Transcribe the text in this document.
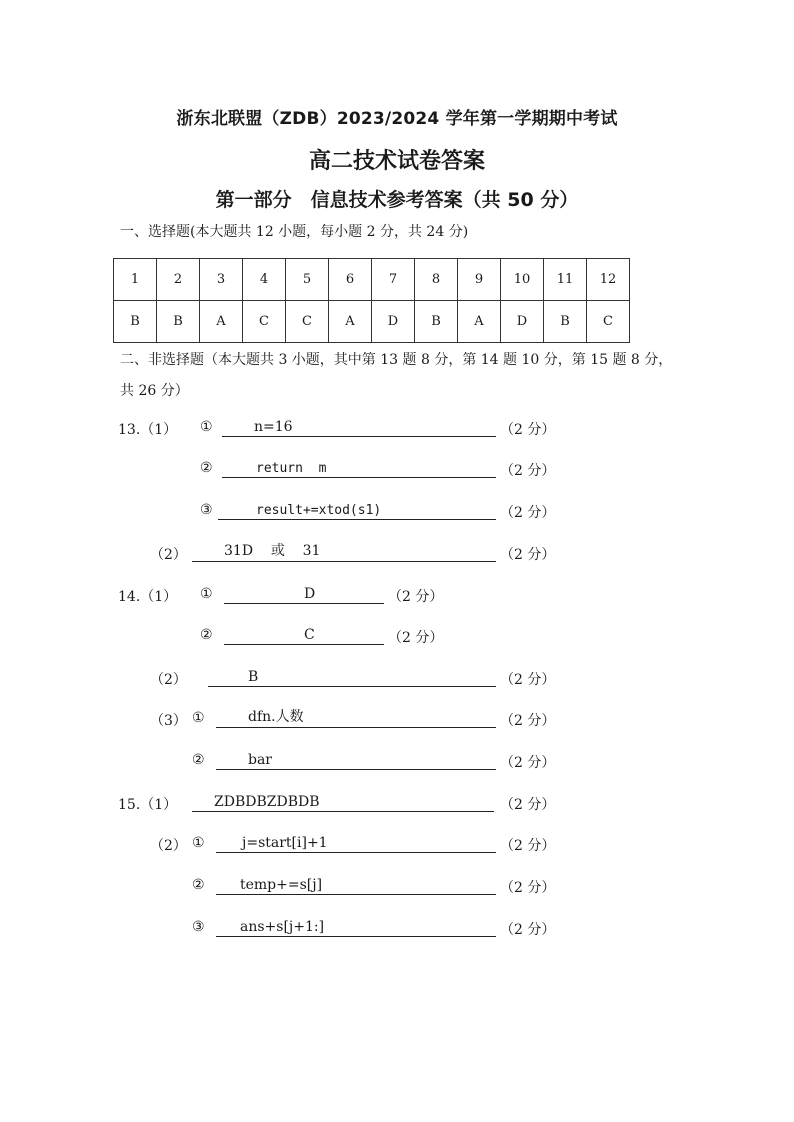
浙东北联盟（ZDB）2023/2024 学年第一学期期中考试
高二技术试卷答案
第一部分　信息技术参考答案（共 50 分）
一、选择题(本大题共 12 小题，每小题 2 分，共 24 分)
1	2	3	4	5	6	7	8	9	10	11	12
B	B	A	C	C	A	D	B	A	D	B	C
二、非选择题（本大题共 3 小题，其中第 13 题 8 分，第 14 题 10 分，第 15 题 8 分，共 26 分）
13.（1） ①	n=16	（2 分）
②	return  m	（2 分）
③	result+=xtod(s1)	（2 分）
（2）	31D    或    31	（2 分）
14.（1） ①	D	（2 分）
②	C	（2 分）
（2）	B	（2 分）
（3） ①	dfn.人数	（2 分）
②	bar	（2 分）
15.（1）	ZDBDBZDBDB	（2 分）
（2） ①	j=start[i]+1	（2 分）
②	temp+=s[j]	（2 分）
③	ans+s[j+1:]	（2 分）
